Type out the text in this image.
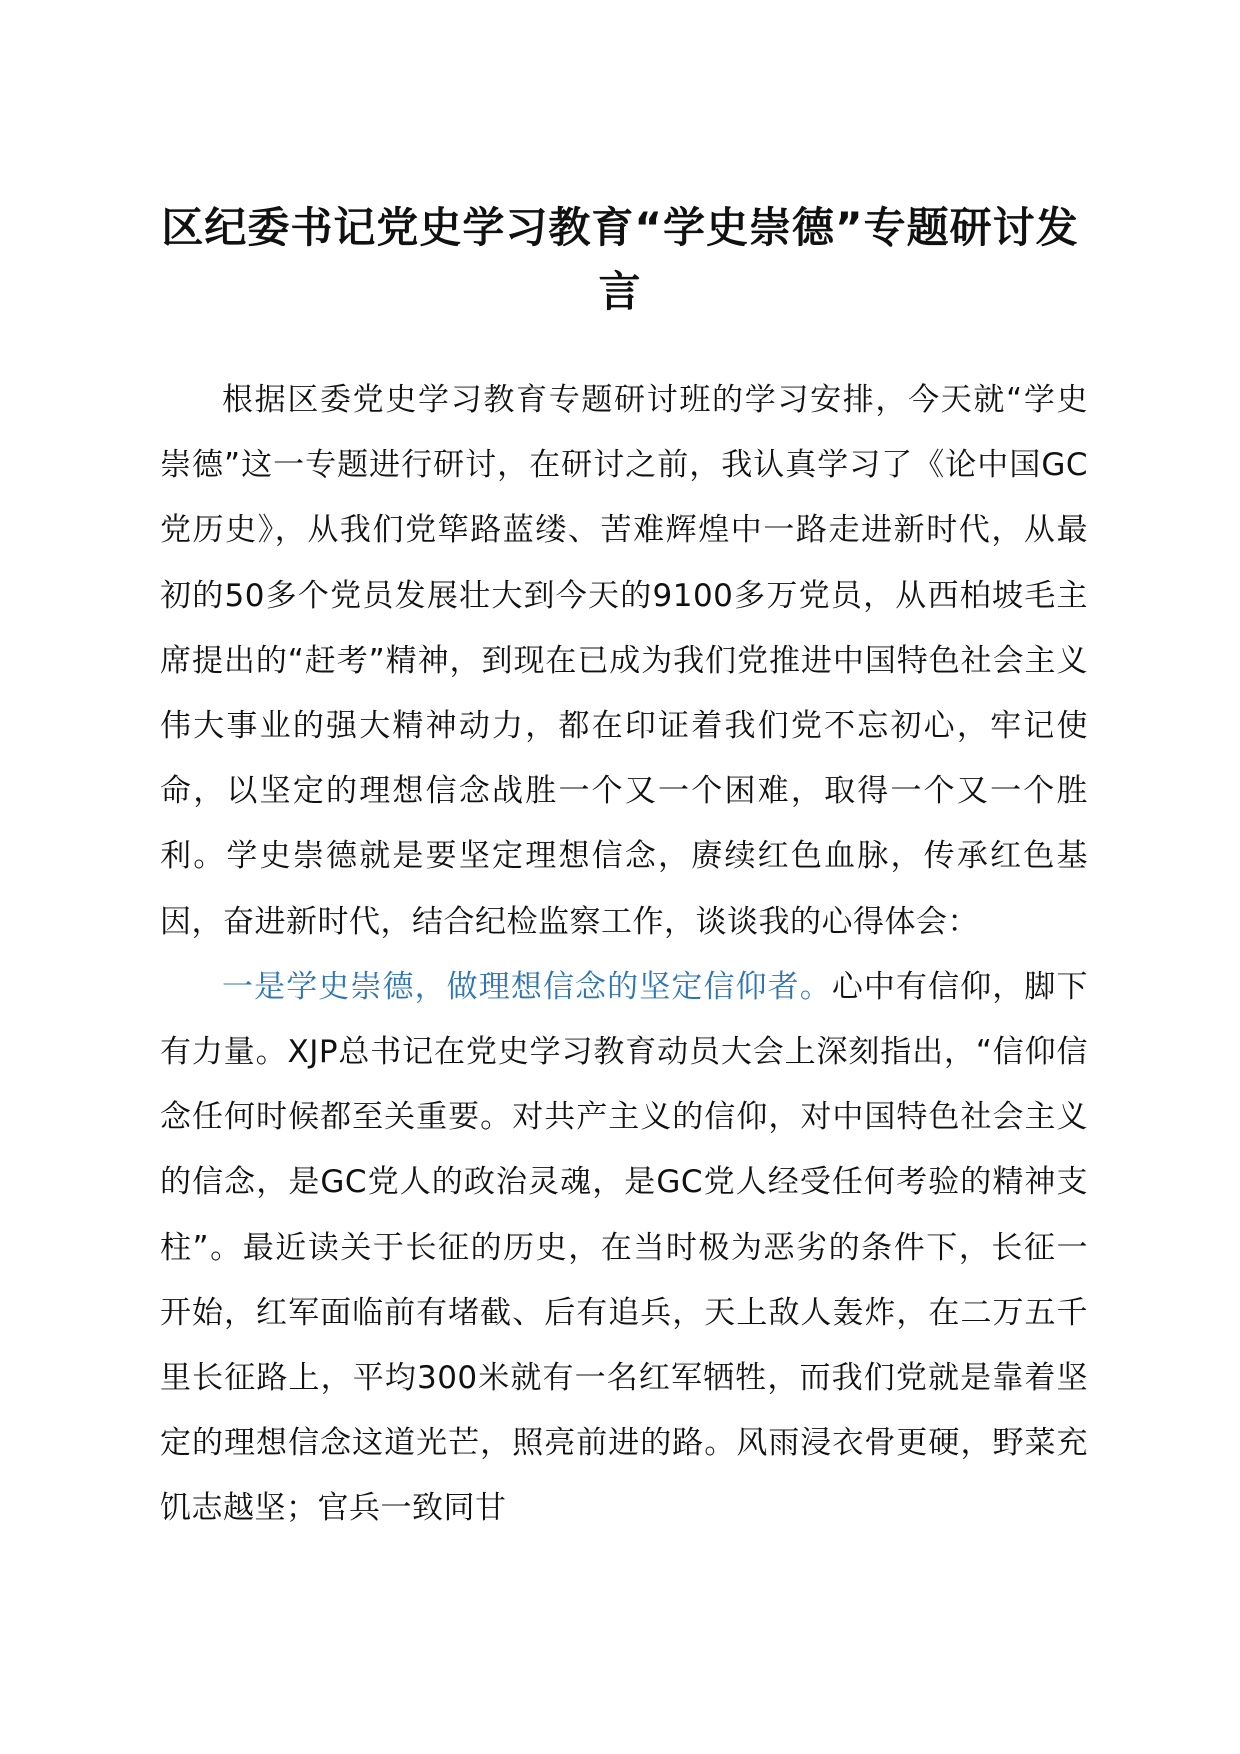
区纪委书记党史学习教育“学史崇德”专题研讨发言

根据区委党史学习教育专题研讨班的学习安排，今天就“学史崇德”这一专题进行研讨，在研讨之前，我认真学习了《论中国GC党历史》，从我们党筚路蓝缕、苦难辉煌中一路走进新时代，从最初的50多个党员发展壮大到今天的9100多万党员，从西柏坡毛主席提出的“赶考”精神，到现在已成为我们党推进中国特色社会主义伟大事业的强大精神动力，都在印证着我们党不忘初心，牢记使命，以坚定的理想信念战胜一个又一个困难，取得一个又一个胜利。学史崇德就是要坚定理想信念，赓续红色血脉，传承红色基因，奋进新时代，结合纪检监察工作，谈谈我的心得体会：

一是学史崇德，做理想信念的坚定信仰者。心中有信仰，脚下有力量。XJP总书记在党史学习教育动员大会上深刻指出，“信仰信念任何时候都至关重要。对共产主义的信仰，对中国特色社会主义的信念，是GC党人的政治灵魂，是GC党人经受任何考验的精神支柱”。最近读关于长征的历史，在当时极为恶劣的条件下，长征一开始，红军面临前有堵截、后有追兵，天上敌人轰炸，在二万五千里长征路上，平均300米就有一名红军牺牲，而我们党就是靠着坚定的理想信念这道光芒，照亮前进的路。风雨浸衣骨更硬，野菜充饥志越坚；官兵一致同甘
